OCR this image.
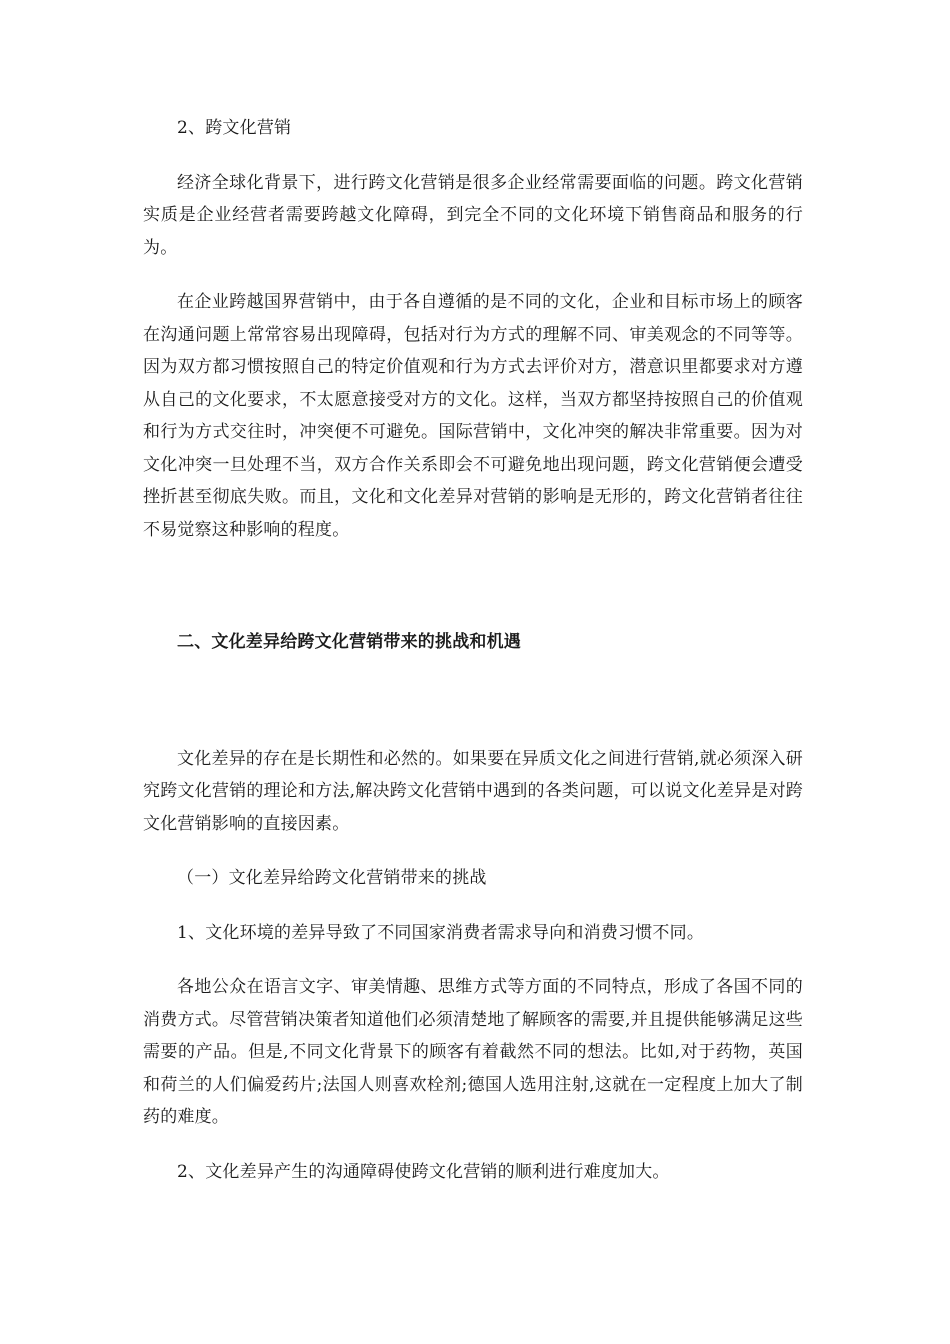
2、跨文化营销

经济全球化背景下，进行跨文化营销是很多企业经常需要面临的问题。跨文化营销实质是企业经营者需要跨越文化障碍，到完全不同的文化环境下销售商品和服务的行为。

在企业跨越国界营销中，由于各自遵循的是不同的文化，企业和目标市场上的顾客在沟通问题上常常容易出现障碍，包括对行为方式的理解不同、审美观念的不同等等。因为双方都习惯按照自己的特定价值观和行为方式去评价对方，潜意识里都要求对方遵从自己的文化要求，不太愿意接受对方的文化。这样，当双方都坚持按照自己的价值观和行为方式交往时，冲突便不可避免。国际营销中，文化冲突的解决非常重要。因为对文化冲突一旦处理不当，双方合作关系即会不可避免地出现问题，跨文化营销便会遭受挫折甚至彻底失败。而且，文化和文化差异对营销的影响是无形的，跨文化营销者往往不易觉察这种影响的程度。

二、文化差异给跨文化营销带来的挑战和机遇

文化差异的存在是长期性和必然的。如果要在异质文化之间进行营销,就必须深入研究跨文化营销的理论和方法,解决跨文化营销中遇到的各类问题，可以说文化差异是对跨文化营销影响的直接因素。

（一）文化差异给跨文化营销带来的挑战

1、文化环境的差异导致了不同国家消费者需求导向和消费习惯不同。

各地公众在语言文字、审美情趣、思维方式等方面的不同特点，形成了各国不同的消费方式。尽管营销决策者知道他们必须清楚地了解顾客的需要,并且提供能够满足这些需要的产品。但是,不同文化背景下的顾客有着截然不同的想法。比如,对于药物，英国和荷兰的人们偏爱药片;法国人则喜欢栓剂;德国人选用注射,这就在一定程度上加大了制药的难度。

2、文化差异产生的沟通障碍使跨文化营销的顺利进行难度加大。
